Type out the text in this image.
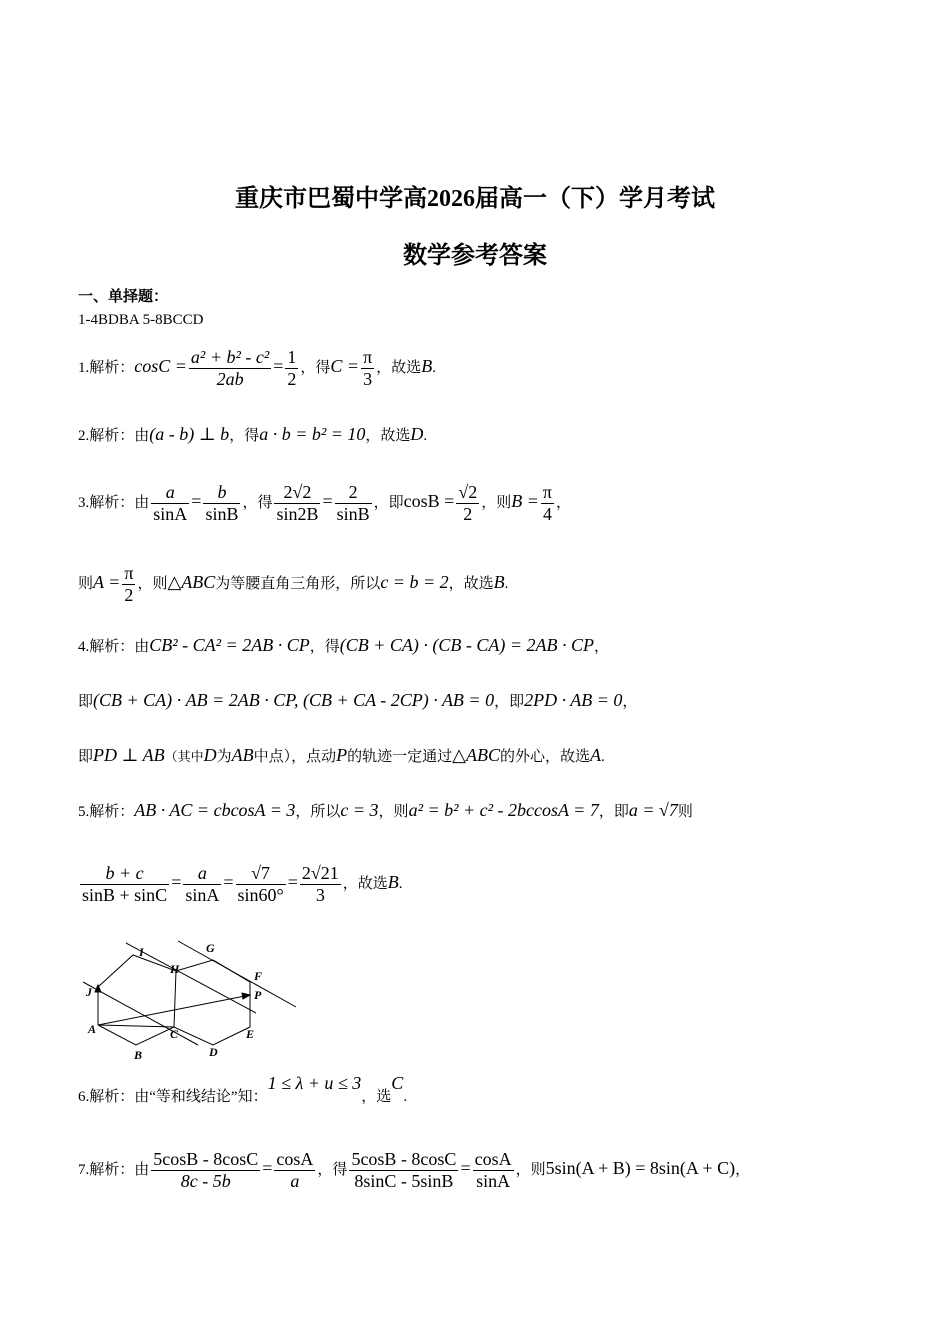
重庆市巴蜀中学高2026届高一（下）学月考试
数学参考答案
一、单择题：
1-4BDBA 5-8BCCD
1.解析：$\cos C = \frac{\text{a² + b² - c²}}{2ab} = \frac{1}{2}$ ，得$C = \frac{\pi}{3}$ ，故选B.
2.解析：由(a - b) ⊥ b，得a · b = b² = 10，故选D.
3.解析：由 $\frac{a}{\sin A} = \frac{b}{\sin B}$ ，得 $\frac{2√2}{\sin 2B} = \frac{2}{\sin B}$ ，即$\cos B = \frac{√2}{2}$ ，则$B = \frac{\pi}{4}$ ，
则$A = \frac{\pi}{2}$ ，则△ABC为等腰直角三角形，所以c = b = 2，故选B.
4.解析：由CB² - CA² = 2AB · CP，得(CB + CA) · (CB - CA) = 2AB · CP，
即(CB + CA) · AB = 2AB · CP, (CB + CA - 2CP) · AB = 0，即2PD · AB = 0，
即PD ⊥ AB（其中D为AB中点），点动P的轨迹一定通过△ABC的外心，故选A.
5.解析：AB · AC = cbcosA = 3，所以c = 3，则a² = b² + c² - 2bccosA = 7，即a = √7则
$\frac{b + c}{\sin B + \sin C} = \frac{a}{\sin A} = \frac{√7}{\sin 60^\circ} = \frac{2√21}{3}$ ，故选B.
I	G
H	F
J	P
A	C	E
B	D
6.解析：由“等和线结论”知：1 ≤ λ + u ≤ 3，选C.
7.解析：由 $\frac{5\cos B - 8\cos C}{8c - 5b} = \frac{\cos A}{a}$ ，得 $\frac{5\cos B - 8\cos C}{8\sin C - 5\sin B} = \frac{\cos A}{\sin A}$ ，则5sin(A + B) = 8sin(A + C)，
